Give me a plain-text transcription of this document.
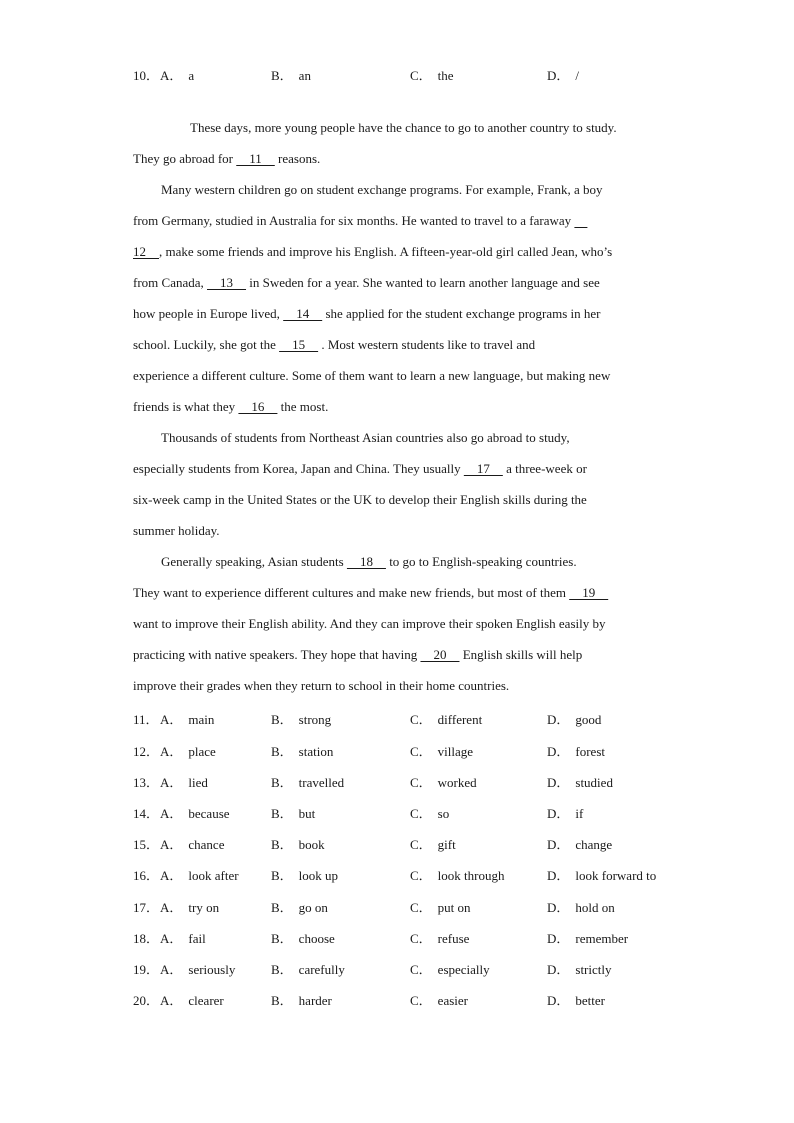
10． A． a	B． an	C． the	D． /
These days, more young people have the chance to go to another country to study.
They go abroad for     11     reasons.
Many western children go on student exchange programs. For example, Frank, a boy
from Germany, studied in Australia for six months. He wanted to travel to a faraway
12    , make some friends and improve his English. A fifteen-year-old girl called Jean, who’s
from Canada,     13     in Sweden for a year. She wanted to learn another language and see
how people in Europe lived,     14     she applied for the student exchange programs in her
school. Luckily, she got the     15     . Most western students like to travel and
experience a different culture. Some of them want to learn a new language, but making new
friends is what they     16     the most.
Thousands of students from Northeast Asian countries also go abroad to study,
especially students from Korea, Japan and China. They usually     17     a three-week or
six-week camp in the United States or the UK to develop their English skills during the
summer holiday.
Generally speaking, Asian students     18     to go to English-speaking countries.
They want to experience different cultures and make new friends, but most of them     19
want to improve their English ability. And they can improve their spoken English easily by
practicing with native speakers. They hope that having     20     English skills will help
improve their grades when they return to school in their home countries.
11． A． main	B． strong	C． different	D． good
12． A． place	B． station	C． village	D． forest
13． A． lied	B． travelled	C． worked	D． studied
14． A． because	B． but	C． so	D． if
15． A． chance	B． book	C． gift	D． change
16． A． look after B． look up	C． look through	D． look forward to
17． A． try on	B． go on	C． put on	D． hold on
18． A． fail	B． choose	C． refuse	D． remember
19． A． seriously	B． carefully	C． especially	D． strictly
20． A． clearer	B． harder	C． easier	D． better
